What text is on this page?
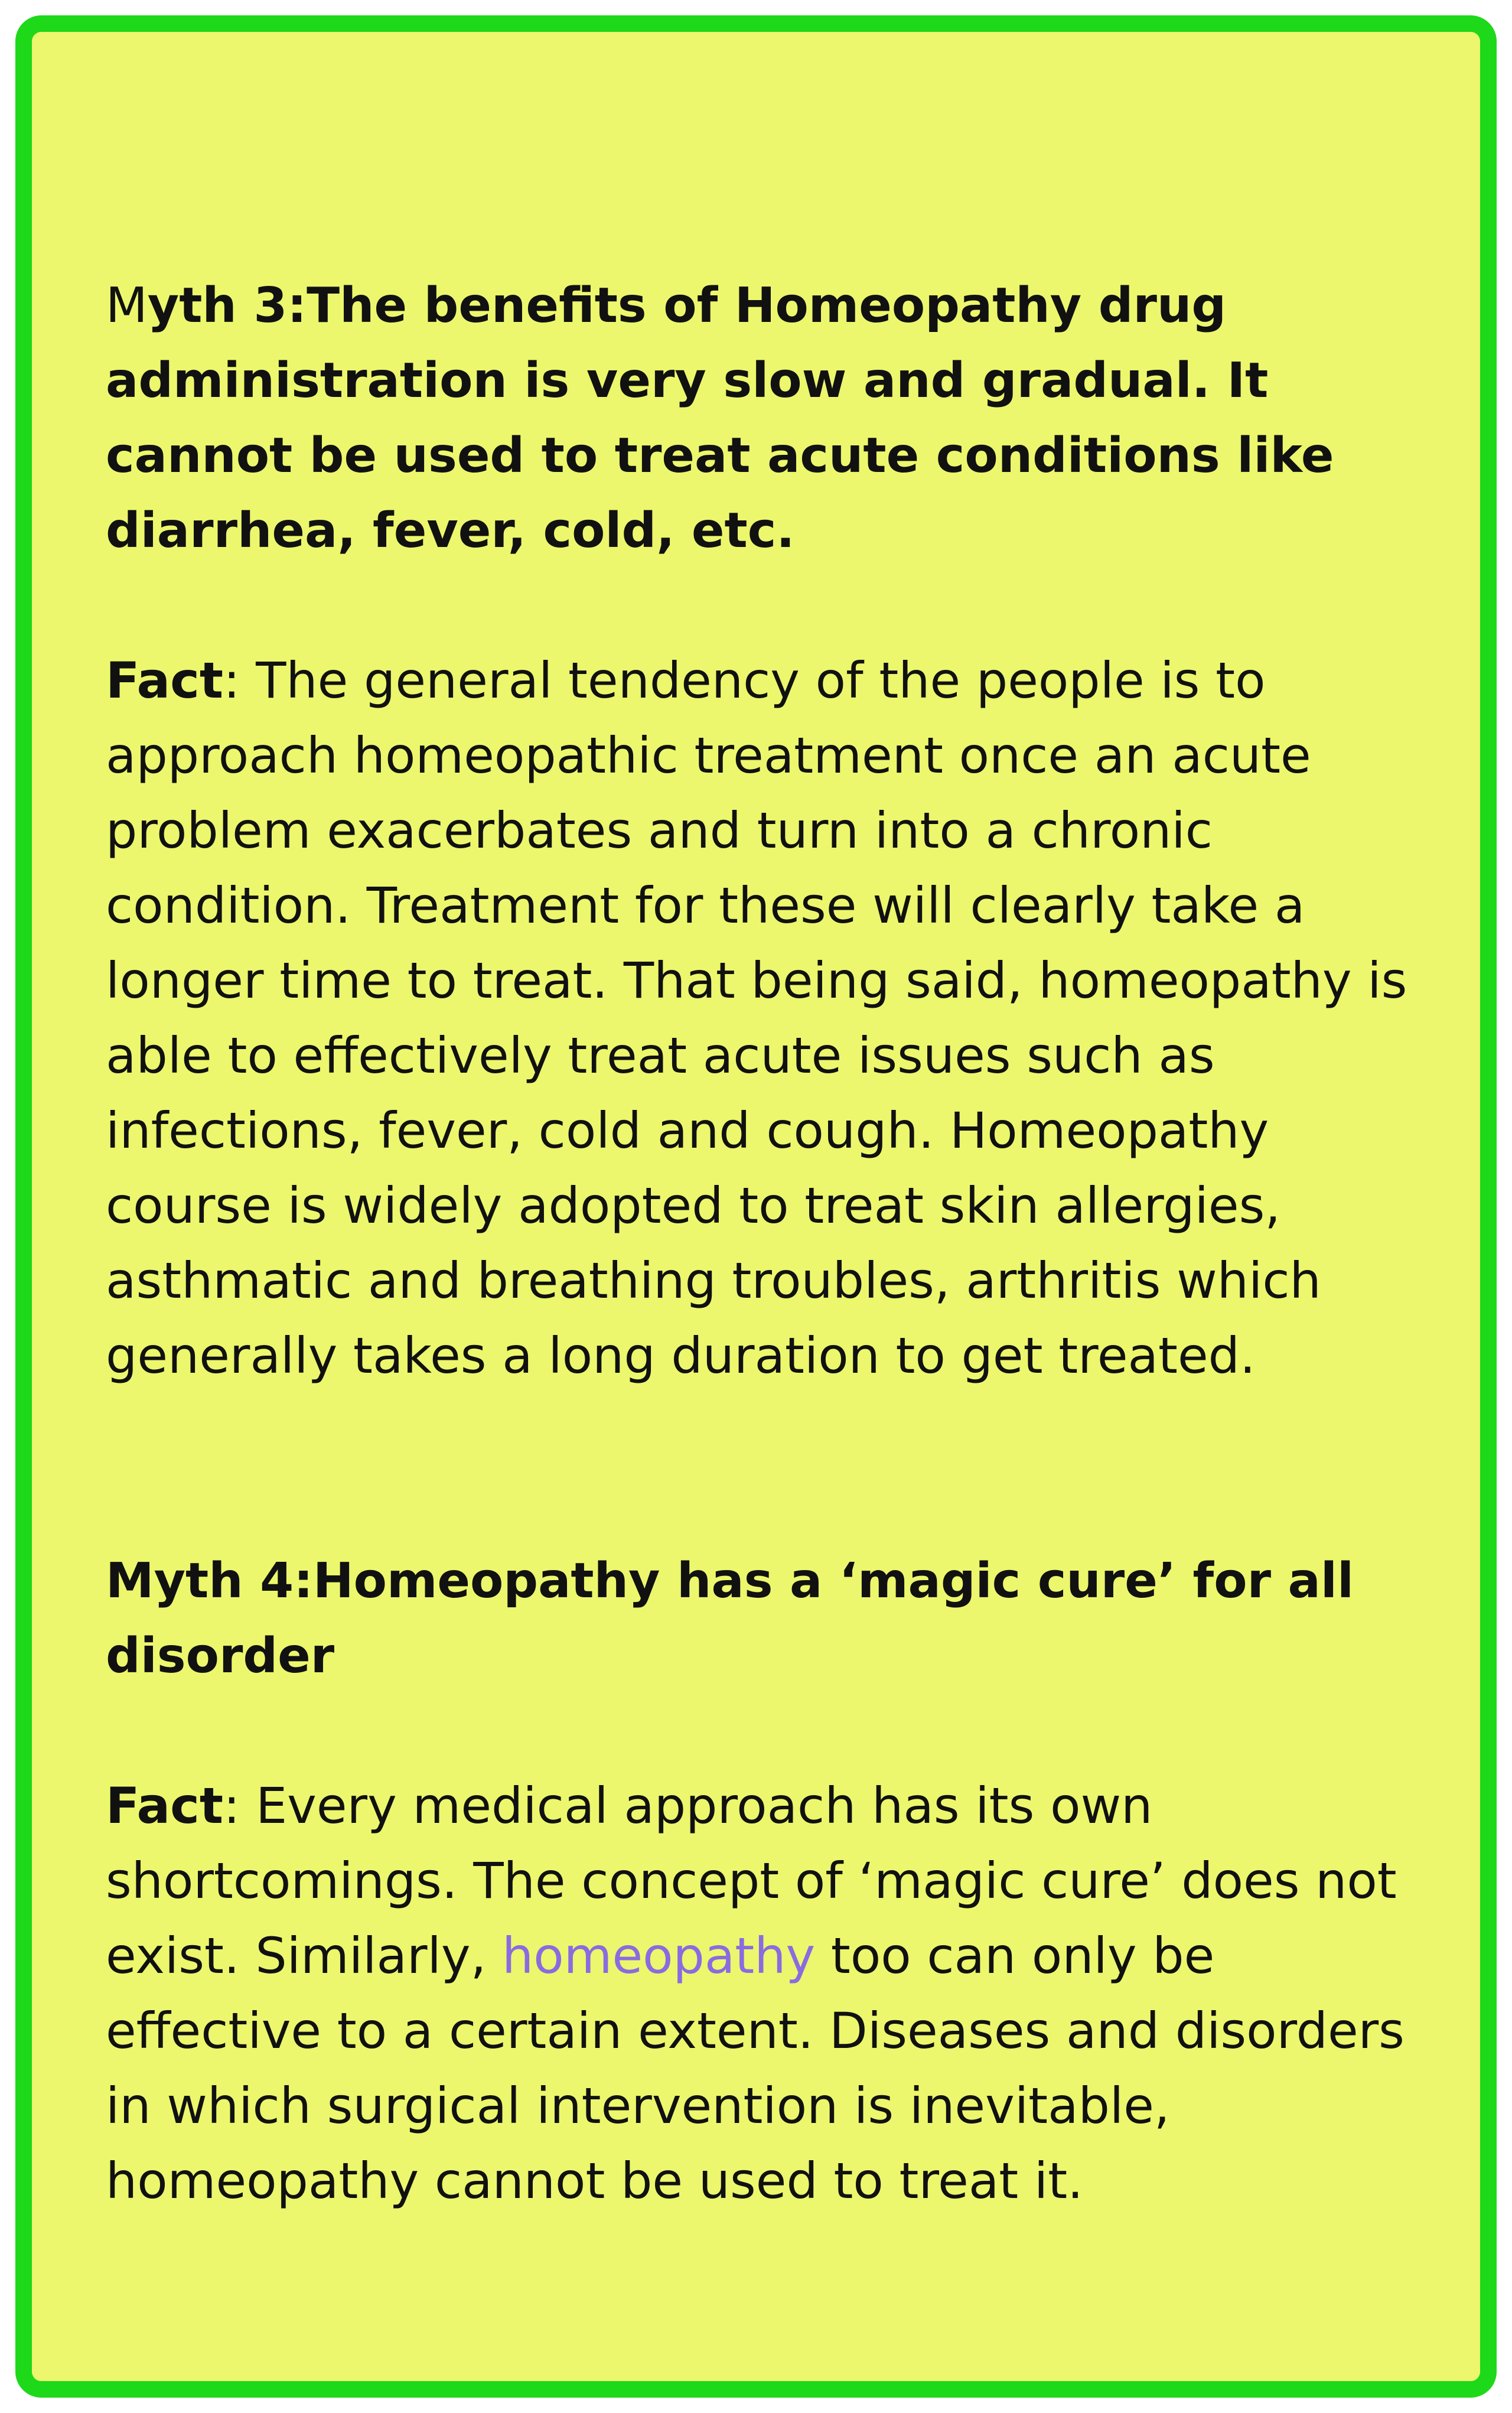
Myth 3:The benefits of Homeopathy drug administration is very slow and gradual. It cannot be used to treat acute conditions like diarrhea, fever, cold, etc.

Fact: The general tendency of the people is to approach homeopathic treatment once an acute problem exacerbates and turn into a chronic condition. Treatment for these will clearly take a longer time to treat. That being said, homeopathy is able to effectively treat acute issues such as infections, fever, cold and cough. Homeopathy course is widely adopted to treat skin allergies, asthmatic and breathing troubles, arthritis which generally takes a long duration to get treated.

Myth 4:Homeopathy has a ‘magic cure’ for all disorder

Fact: Every medical approach has its own shortcomings. The concept of ‘magic cure’ does not exist. Similarly, homeopathy too can only be effective to a certain extent. Diseases and disorders in which surgical intervention is inevitable, homeopathy cannot be used to treat it.
